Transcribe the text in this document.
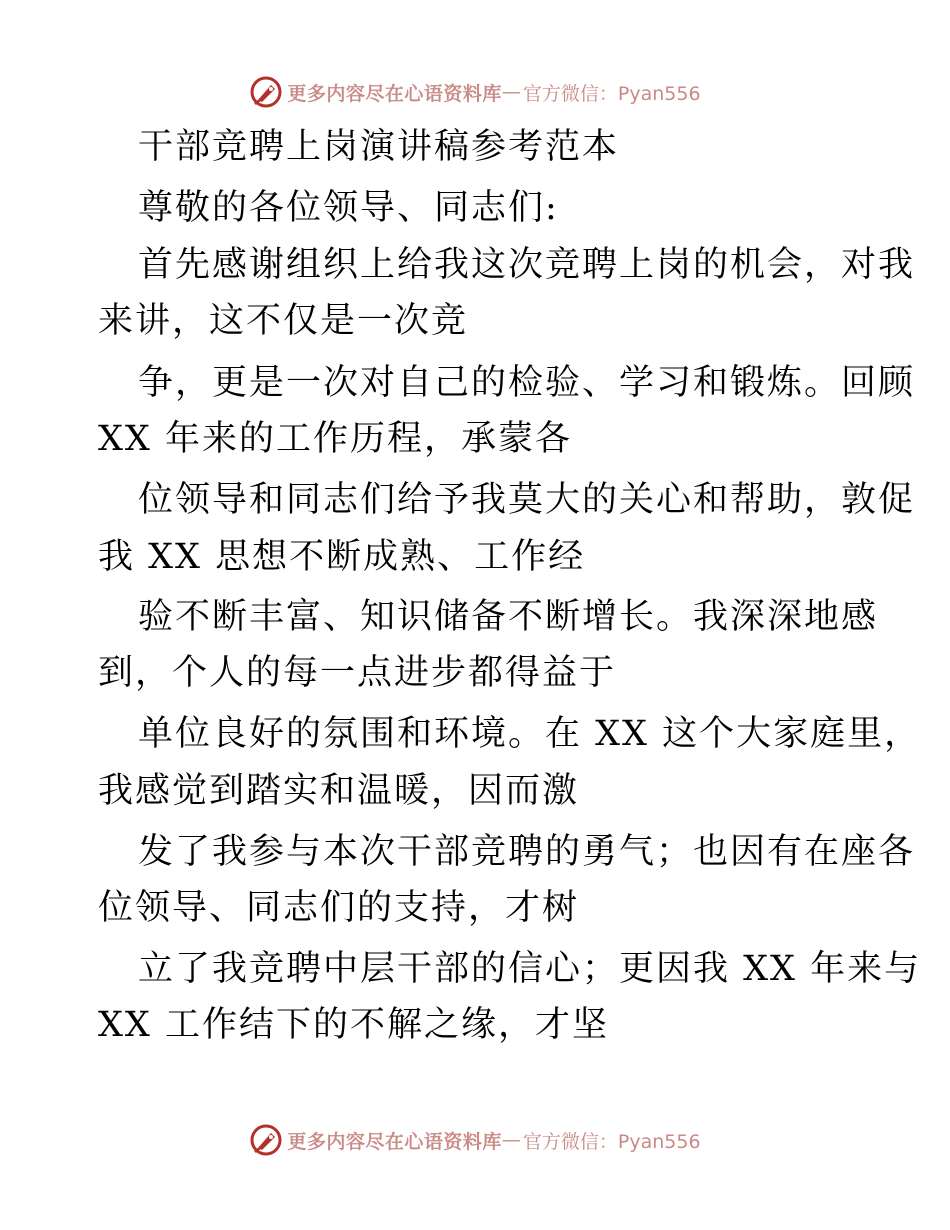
更多内容尽在心语资料库 — 官方微信：Pyan556
干部竞聘上岗演讲稿参考范本
尊敬的各位领导、同志们:
首先感谢组织上给我这次竞聘上岗的机会，对我
来讲，这不仅是一次竞
争，更是一次对自己的检验、学习和锻炼。回顾
XX 年来的工作历程，承蒙各
位领导和同志们给予我莫大的关心和帮助，敦促
我 XX 思想不断成熟、工作经
验不断丰富、知识储备不断增长。我深深地感
到，个人的每一点进步都得益于
单位良好的氛围和环境。在 XX 这个大家庭里，
我感觉到踏实和温暖，因而激
发了我参与本次干部竞聘的勇气；也因有在座各
位领导、同志们的支持，才树
立了我竞聘中层干部的信心；更因我 XX 年来与
XX 工作结下的不解之缘，才坚
更多内容尽在心语资料库 — 官方微信：Pyan556
